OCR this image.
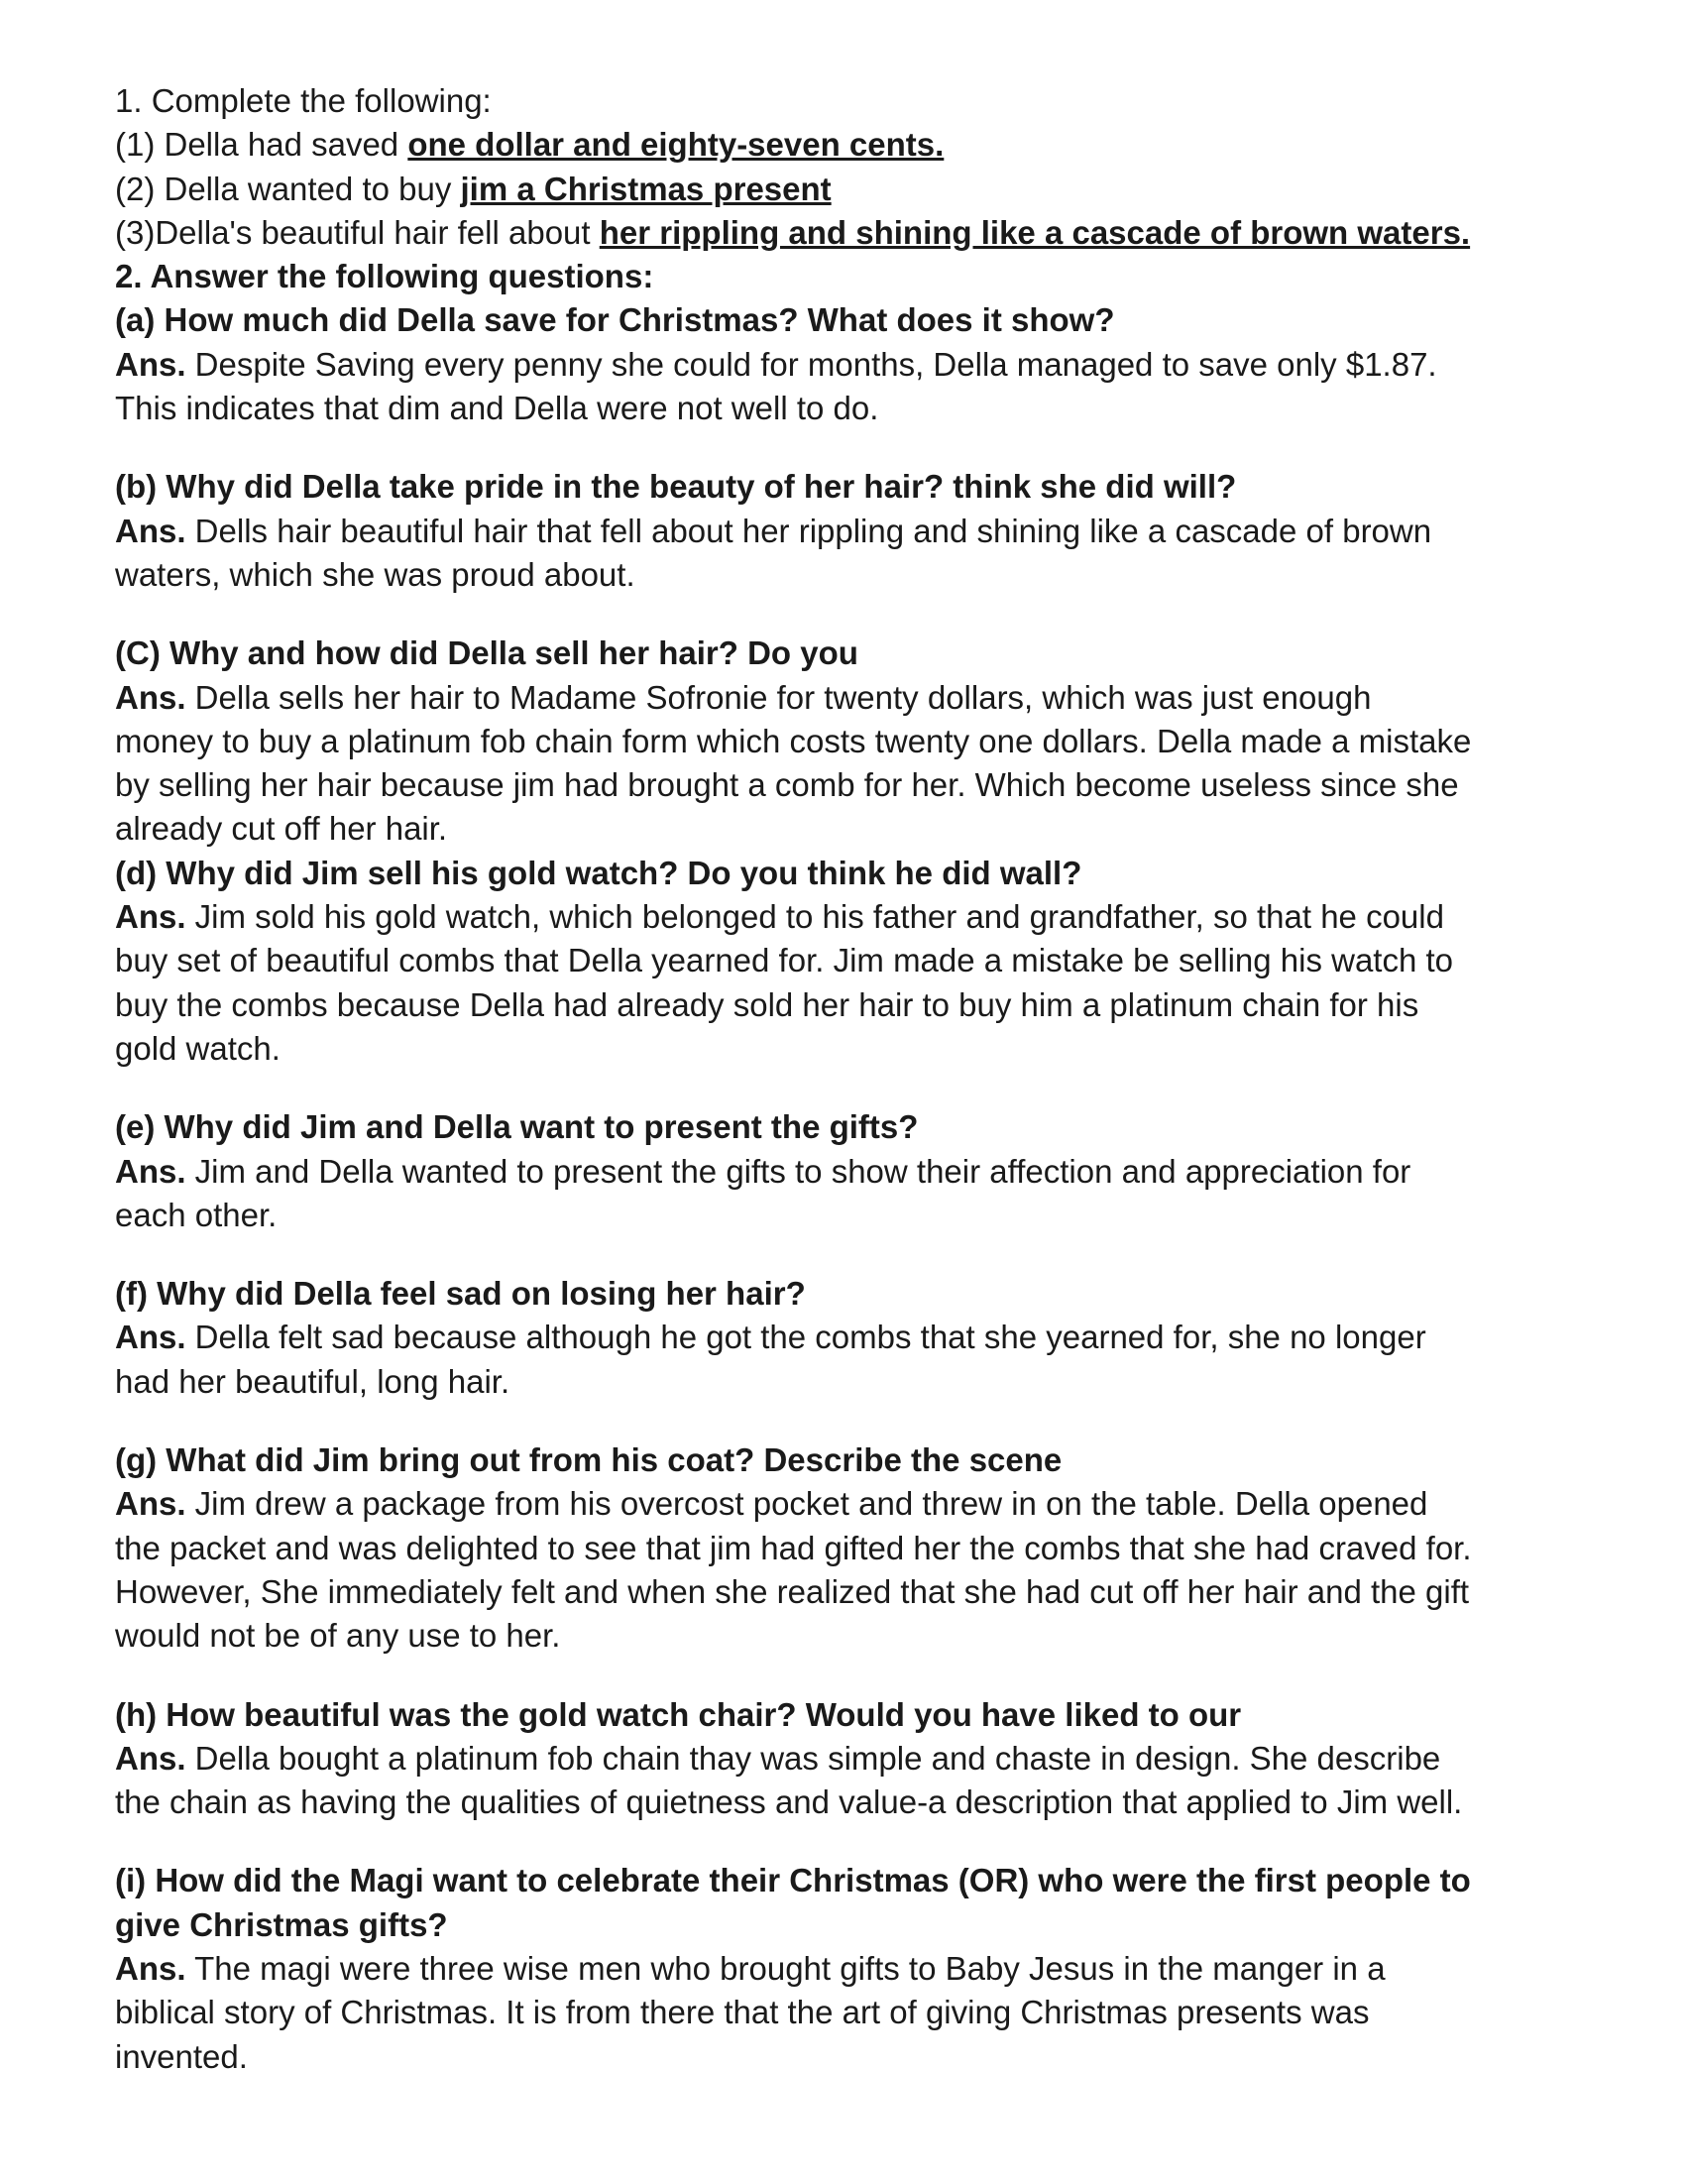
1. Complete the following:
(1) Della had saved one dollar and eighty-seven cents.
(2) Della wanted to buy jim a Christmas present
(3)Della's beautiful hair fell about her rippling and shining like a cascade of brown waters.
2. Answer the following questions:
(a) How much did Della save for Christmas? What does it show?
Ans. Despite Saving every penny she could for months, Della managed to save only $1.87.
This indicates that dim and Della were not well to do.
(b) Why did Della take pride in the beauty of her hair? think she did will?
Ans. Dells hair beautiful hair that fell about her rippling and shining like a cascade of brown
waters, which she was proud about.
(C) Why and how did Della sell her hair? Do you
Ans. Della sells her hair to Madame Sofronie for twenty dollars, which was just enough
money to buy a platinum fob chain form which costs twenty one dollars. Della made a mistake
by selling her hair because jim had brought a comb for her. Which become useless since she
already cut off her hair.
(d) Why did Jim sell his gold watch? Do you think he did wall?
Ans. Jim sold his gold watch, which belonged to his father and grandfather, so that he could
buy set of beautiful combs that Della yearned for. Jim made a mistake be selling his watch to
buy the combs because Della had already sold her hair to buy him a platinum chain for his
gold watch.
(e) Why did Jim and Della want to present the gifts?
Ans. Jim and Della wanted to present the gifts to show their affection and appreciation for
each other.
(f) Why did Della feel sad on losing her hair?
Ans. Della felt sad because although he got the combs that she yearned for, she no longer
had her beautiful, long hair.
(g) What did Jim bring out from his coat? Describe the scene
Ans. Jim drew a package from his overcost pocket and threw in on the table. Della opened
the packet and was delighted to see that jim had gifted her the combs that she had craved for.
However, She immediately felt and when she realized that she had cut off her hair and the gift
would not be of any use to her.
(h) How beautiful was the gold watch chair? Would you have liked to our
Ans. Della bought a platinum fob chain thay was simple and chaste in design. She describe
the chain as having the qualities of quietness and value-a description that applied to Jim well.
(i) How did the Magi want to celebrate their Christmas (OR) who were the first people to
give Christmas gifts?
Ans. The magi were three wise men who brought gifts to Baby Jesus in the manger in a
biblical story of Christmas. It is from there that the art of giving Christmas presents was
invented.
